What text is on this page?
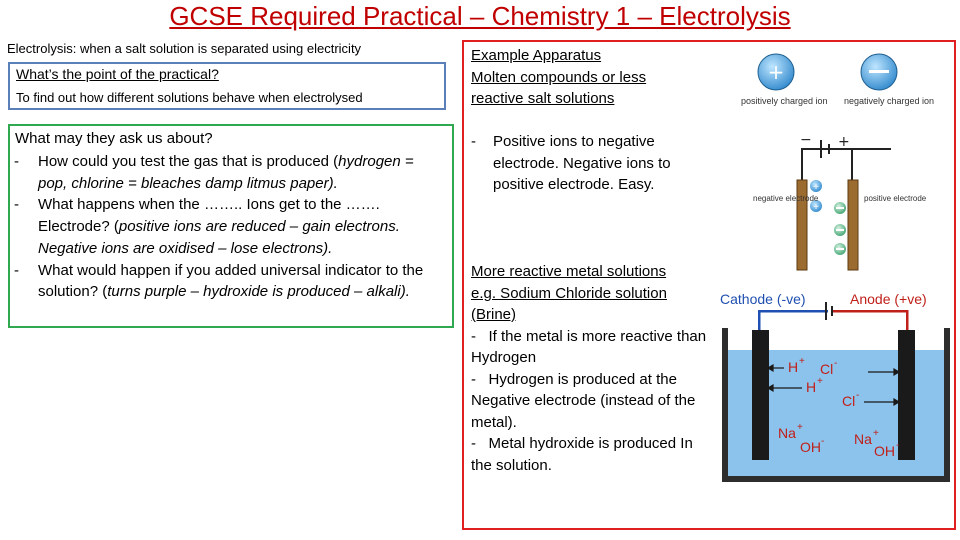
GCSE Required Practical – Chemistry 1 – Electrolysis
Electrolysis: when a salt solution is separated using electricity
What’s the point of the practical?
To find out how different solutions behave when electrolysed
What may they ask us about?
-	How could you test the gas that is produced (hydrogen = pop, chlorine = bleaches damp litmus paper).
-	What happens when the …….. Ions get to the ……. Electrode? (positive ions are reduced – gain electrons. Negative ions are oxidised – lose electrons).
-	What would happen if you added universal indicator to the solution? (turns purple – hydroxide is produced – alkali).
Example Apparatus
Molten compounds or less
reactive salt solutions
-	Positive ions to negative electrode. Negative ions to positive electrode. Easy.
More reactive metal solutions
e.g. Sodium Chloride solution
(Brine)
-   If the metal is more reactive than Hydrogen
-   Hydrogen is produced at the Negative electrode (instead of the metal).
-   Metal hydroxide is produced In the solution.
+
positively charged ion negatively charged ion
− +
+
+
negative electrode	positive electrode
Cathode (-ve)	Anode (+ve)
H + Cl -
H +
Cl -
Na +
OH - Na +
OH -
